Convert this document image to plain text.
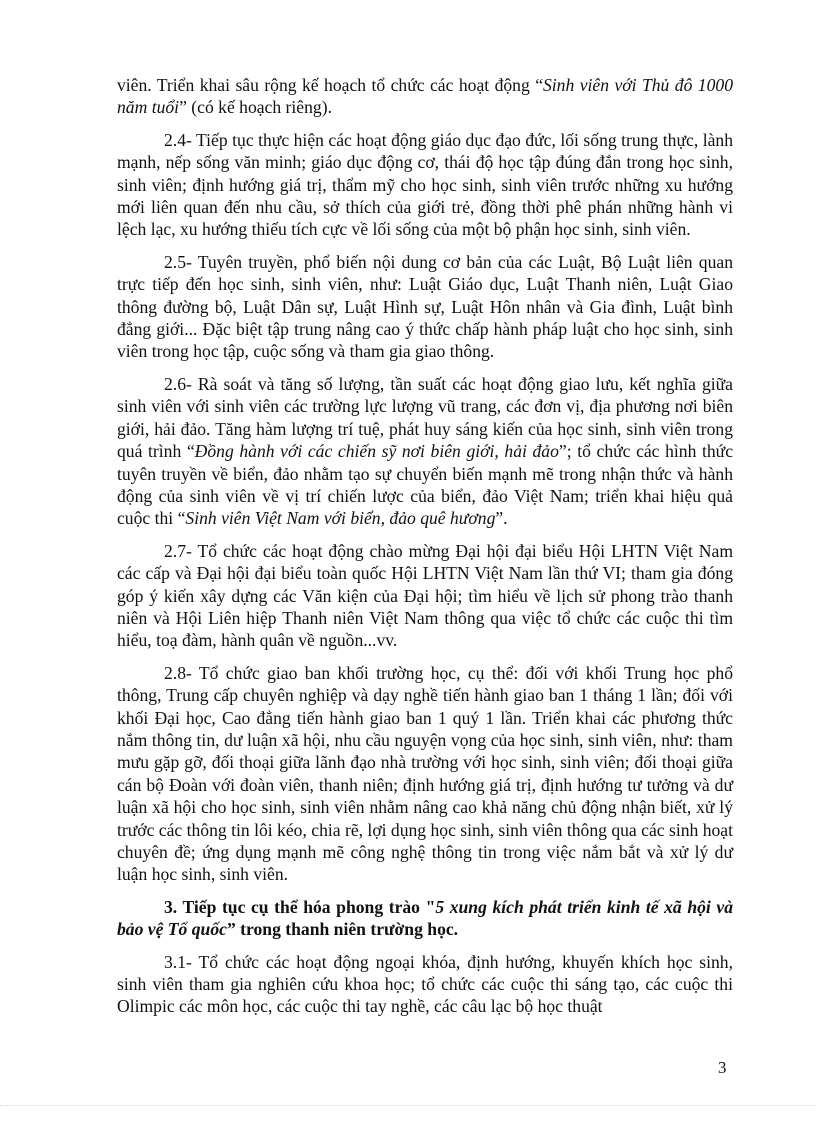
viên. Triển khai sâu rộng kế hoạch tổ chức các hoạt động “Sinh viên với Thủ đô 1000 năm tuổi” (có kế hoạch riêng).

2.4- Tiếp tục thực hiện các hoạt động giáo dục đạo đức, lối sống trung thực, lành mạnh, nếp sống văn minh; giáo dục động cơ, thái độ học tập đúng đắn trong học sinh, sinh viên; định hướng giá trị, thẩm mỹ cho học sinh, sinh viên trước những xu hướng mới liên quan đến nhu cầu, sở thích của giới trẻ, đồng thời phê phán những hành vi lệch lạc, xu hướng thiếu tích cực về lối sống của một bộ phận học sinh, sinh viên.

2.5- Tuyên truyền, phổ biến nội dung cơ bản của các Luật, Bộ Luật liên quan trực tiếp đến học sinh, sinh viên, như: Luật Giáo dục, Luật Thanh niên, Luật Giao thông đường bộ, Luật Dân sự, Luật Hình sự, Luật Hôn nhân và Gia đình, Luật bình đẳng giới... Đặc biệt tập trung nâng cao ý thức chấp hành pháp luật cho học sinh, sinh viên trong học tập, cuộc sống và tham gia giao thông.

2.6- Rà soát và tăng số lượng, tần suất các hoạt động giao lưu, kết nghĩa giữa sinh viên với sinh viên các trường lực lượng vũ trang, các đơn vị, địa phương nơi biên giới, hải đảo. Tăng hàm lượng trí tuệ, phát huy sáng kiến của học sinh, sinh viên trong quá trình “Đồng hành với các chiến sỹ nơi biên giới, hải đảo”; tổ chức các hình thức tuyên truyền về biển, đảo nhằm tạo sự chuyển biến mạnh mẽ trong nhận thức và hành động của sinh viên về vị trí chiến lược của biển, đảo Việt Nam; triển khai hiệu quả cuộc thi “Sinh viên Việt Nam với biển, đảo quê hương”.

2.7- Tổ chức các hoạt động chào mừng Đại hội đại biểu Hội LHTN Việt Nam các cấp và Đại hội đại biểu toàn quốc Hội LHTN Việt Nam lần thứ VI; tham gia đóng góp ý kiến xây dựng các Văn kiện của Đại hội; tìm hiểu về lịch sử phong trào thanh niên và Hội Liên hiệp Thanh niên Việt Nam thông qua việc tổ chức các cuộc thi tìm hiểu, toạ đàm, hành quân về nguồn...vv.

2.8- Tổ chức giao ban khối trường học, cụ thể: đối với khối Trung học phổ thông, Trung cấp chuyên nghiệp và dạy nghề tiến hành giao ban 1 tháng 1 lần; đối với khối Đại học, Cao đẳng tiến hành giao ban 1 quý 1 lần. Triển khai các phương thức nắm thông tin, dư luận xã hội, nhu cầu nguyện vọng của học sinh, sinh viên, như: tham mưu gặp gỡ, đối thoại giữa lãnh đạo nhà trường với học sinh, sinh viên; đối thoại giữa cán bộ Đoàn với đoàn viên, thanh niên; định hướng giá trị, định hướng tư tưởng và dư luận xã hội cho học sinh, sinh viên nhằm nâng cao khả năng chủ động nhận biết, xử lý trước các thông tin lôi kéo, chia rẽ, lợi dụng học sinh, sinh viên thông qua các sinh hoạt chuyên đề; ứng dụng mạnh mẽ công nghệ thông tin trong việc nắm bắt và xử lý dư luận học sinh, sinh viên.

3. Tiếp tục cụ thể hóa phong trào "5 xung kích phát triển kinh tế xã hội và bảo vệ Tổ quốc” trong thanh niên trường học.

3.1- Tổ chức các hoạt động ngoại khóa, định hướng, khuyến khích học sinh, sinh viên tham gia nghiên cứu khoa học; tổ chức các cuộc thi sáng tạo, các cuộc thi Olimpic các môn học, các cuộc thi tay nghề, các câu lạc bộ học thuật

3
